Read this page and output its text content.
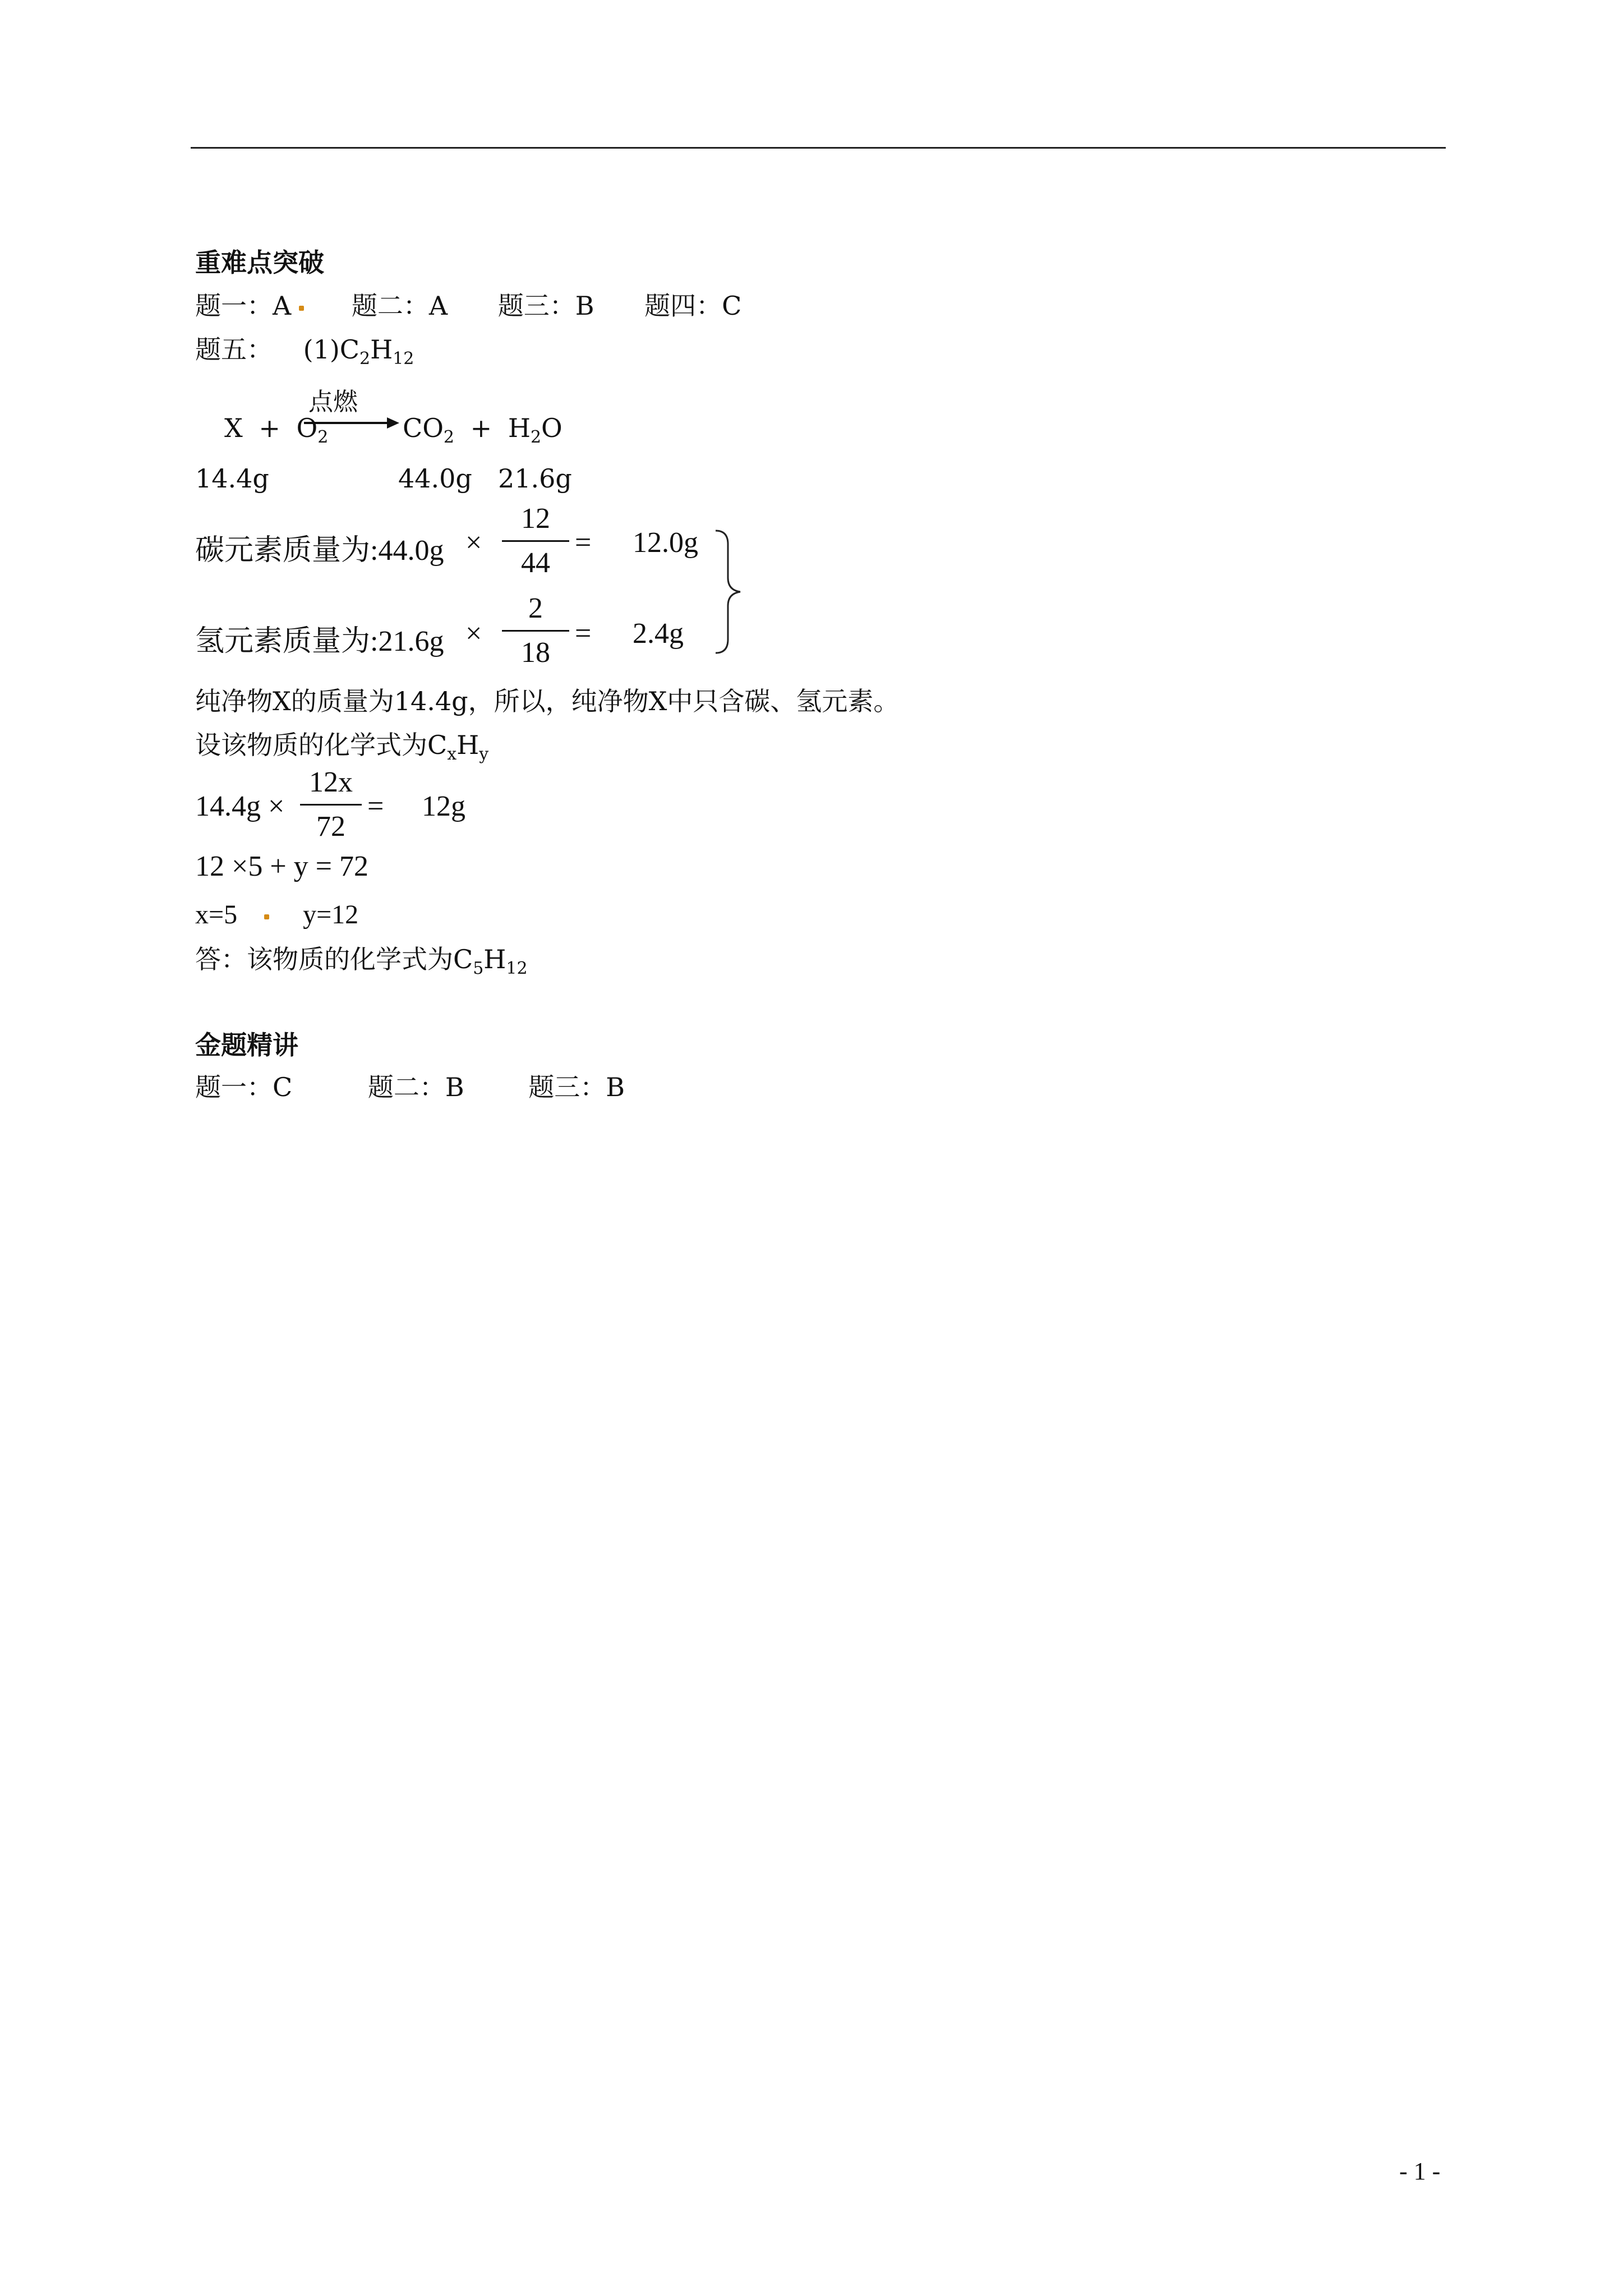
重难点突破
题一：A 题二：A 题三：B 题四：C
题五： $(1)C_2H_{12}$
点燃
$X + O_2$	$CO_2 + H_2O$
14.4g	44.0g 21.6g
碳元素质量为:44.0g ×
12
44
= 12.0g
氢元素质量为:21.6g ×
2
18
= 2.4g
纯净物X的质量为14.4g，所以，纯净物X中只含碳、氢元素。
设该物质的化学式为$C_xH_y$
14.4g ×
12x
72
= 12g
12 ×5 + y = 72
x=5 y=12
答：该物质的化学式为$C_5H_{12}$
金题精讲
题一：C	题二：B 题三：B
- 1 -
